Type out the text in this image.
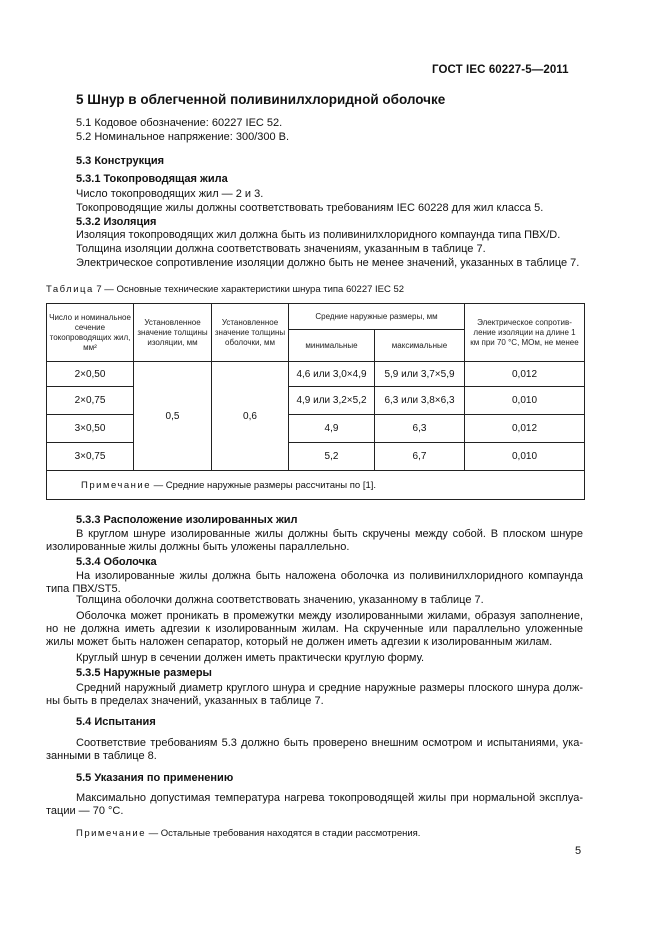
ГОСТ IEC 60227-5—2011
5 Шнур в облегченной поливинилхлоридной оболочке
5.1 Кодовое обозначение: 60227 IEC 52.
5.2 Номинальное напряжение: 300/300 В.
5.3 Конструкция
5.3.1 Токопроводящая жила
Число токопроводящих жил — 2 и 3.
Токопроводящие жилы должны соответствовать требованиям IEC 60228 для жил класса 5.
5.3.2 Изоляция
Изоляция токопроводящих жил должна быть из поливинилхлоридного компаунда типа ПВХ/D.
Толщина изоляции должна соответствовать значениям, указанным в таблице 7.
Электрическое сопротивление изоляции должно быть не менее значений, указанных в таблице 7.
Таблица 7 — Основные технические характеристики шнура типа 60227 IEC 52
Число и номинальное сечение токопроводящих жил, мм²	Установленное значение толщины изоляции, мм	Установленное значение толщины оболочки, мм	Средние наружные размеры, мм		Электрическое сопротивление изоляции на длине 1 км при 70 °С, МОм, не менее
			минимальные	максимальные	
2×0,50	0,5	0,6	4,6 или 3,0×4,9	5,9 или 3,7×5,9	0,012
2×0,75			4,9 или 3,2×5,2	6,3 или 3,8×6,3	0,010
3×0,50			4,9	6,3	0,012
3×0,75			5,2	6,7	0,010
Примечание — Средние наружные размеры рассчитаны по [1].					
5.3.3 Расположение изолированных жил
В круглом шнуре изолированные жилы должны быть скручены между собой. В плоском шнуре изолированные жилы должны быть уложены параллельно.
5.3.4 Оболочка
На изолированные жилы должна быть наложена оболочка из поливинилхлоридного компаунда типа ПВХ/ST5.
Толщина оболочки должна соответствовать значению, указанному в таблице 7.
Оболочка может проникать в промежутки между изолированными жилами, образуя заполнение, но не должна иметь адгезии к изолированным жилам. На скрученные или параллельно уложенные жилы может быть наложен сепаратор, который не должен иметь адгезии к изолированным жилам.
Круглый шнур в сечении должен иметь практически круглую форму.
5.3.5 Наружные размеры
Средний наружный диаметр круглого шнура и средние наружные размеры плоского шнура должны быть в пределах значений, указанных в таблице 7.
5.4 Испытания
Соответствие требованиям 5.3 должно быть проверено внешним осмотром и испытаниями, указанными в таблице 8.
5.5 Указания по применению
Максимально допустимая температура нагрева токопроводящей жилы при нормальной эксплуатации — 70 °С.
Примечание — Остальные требования находятся в стадии рассмотрения.
5
